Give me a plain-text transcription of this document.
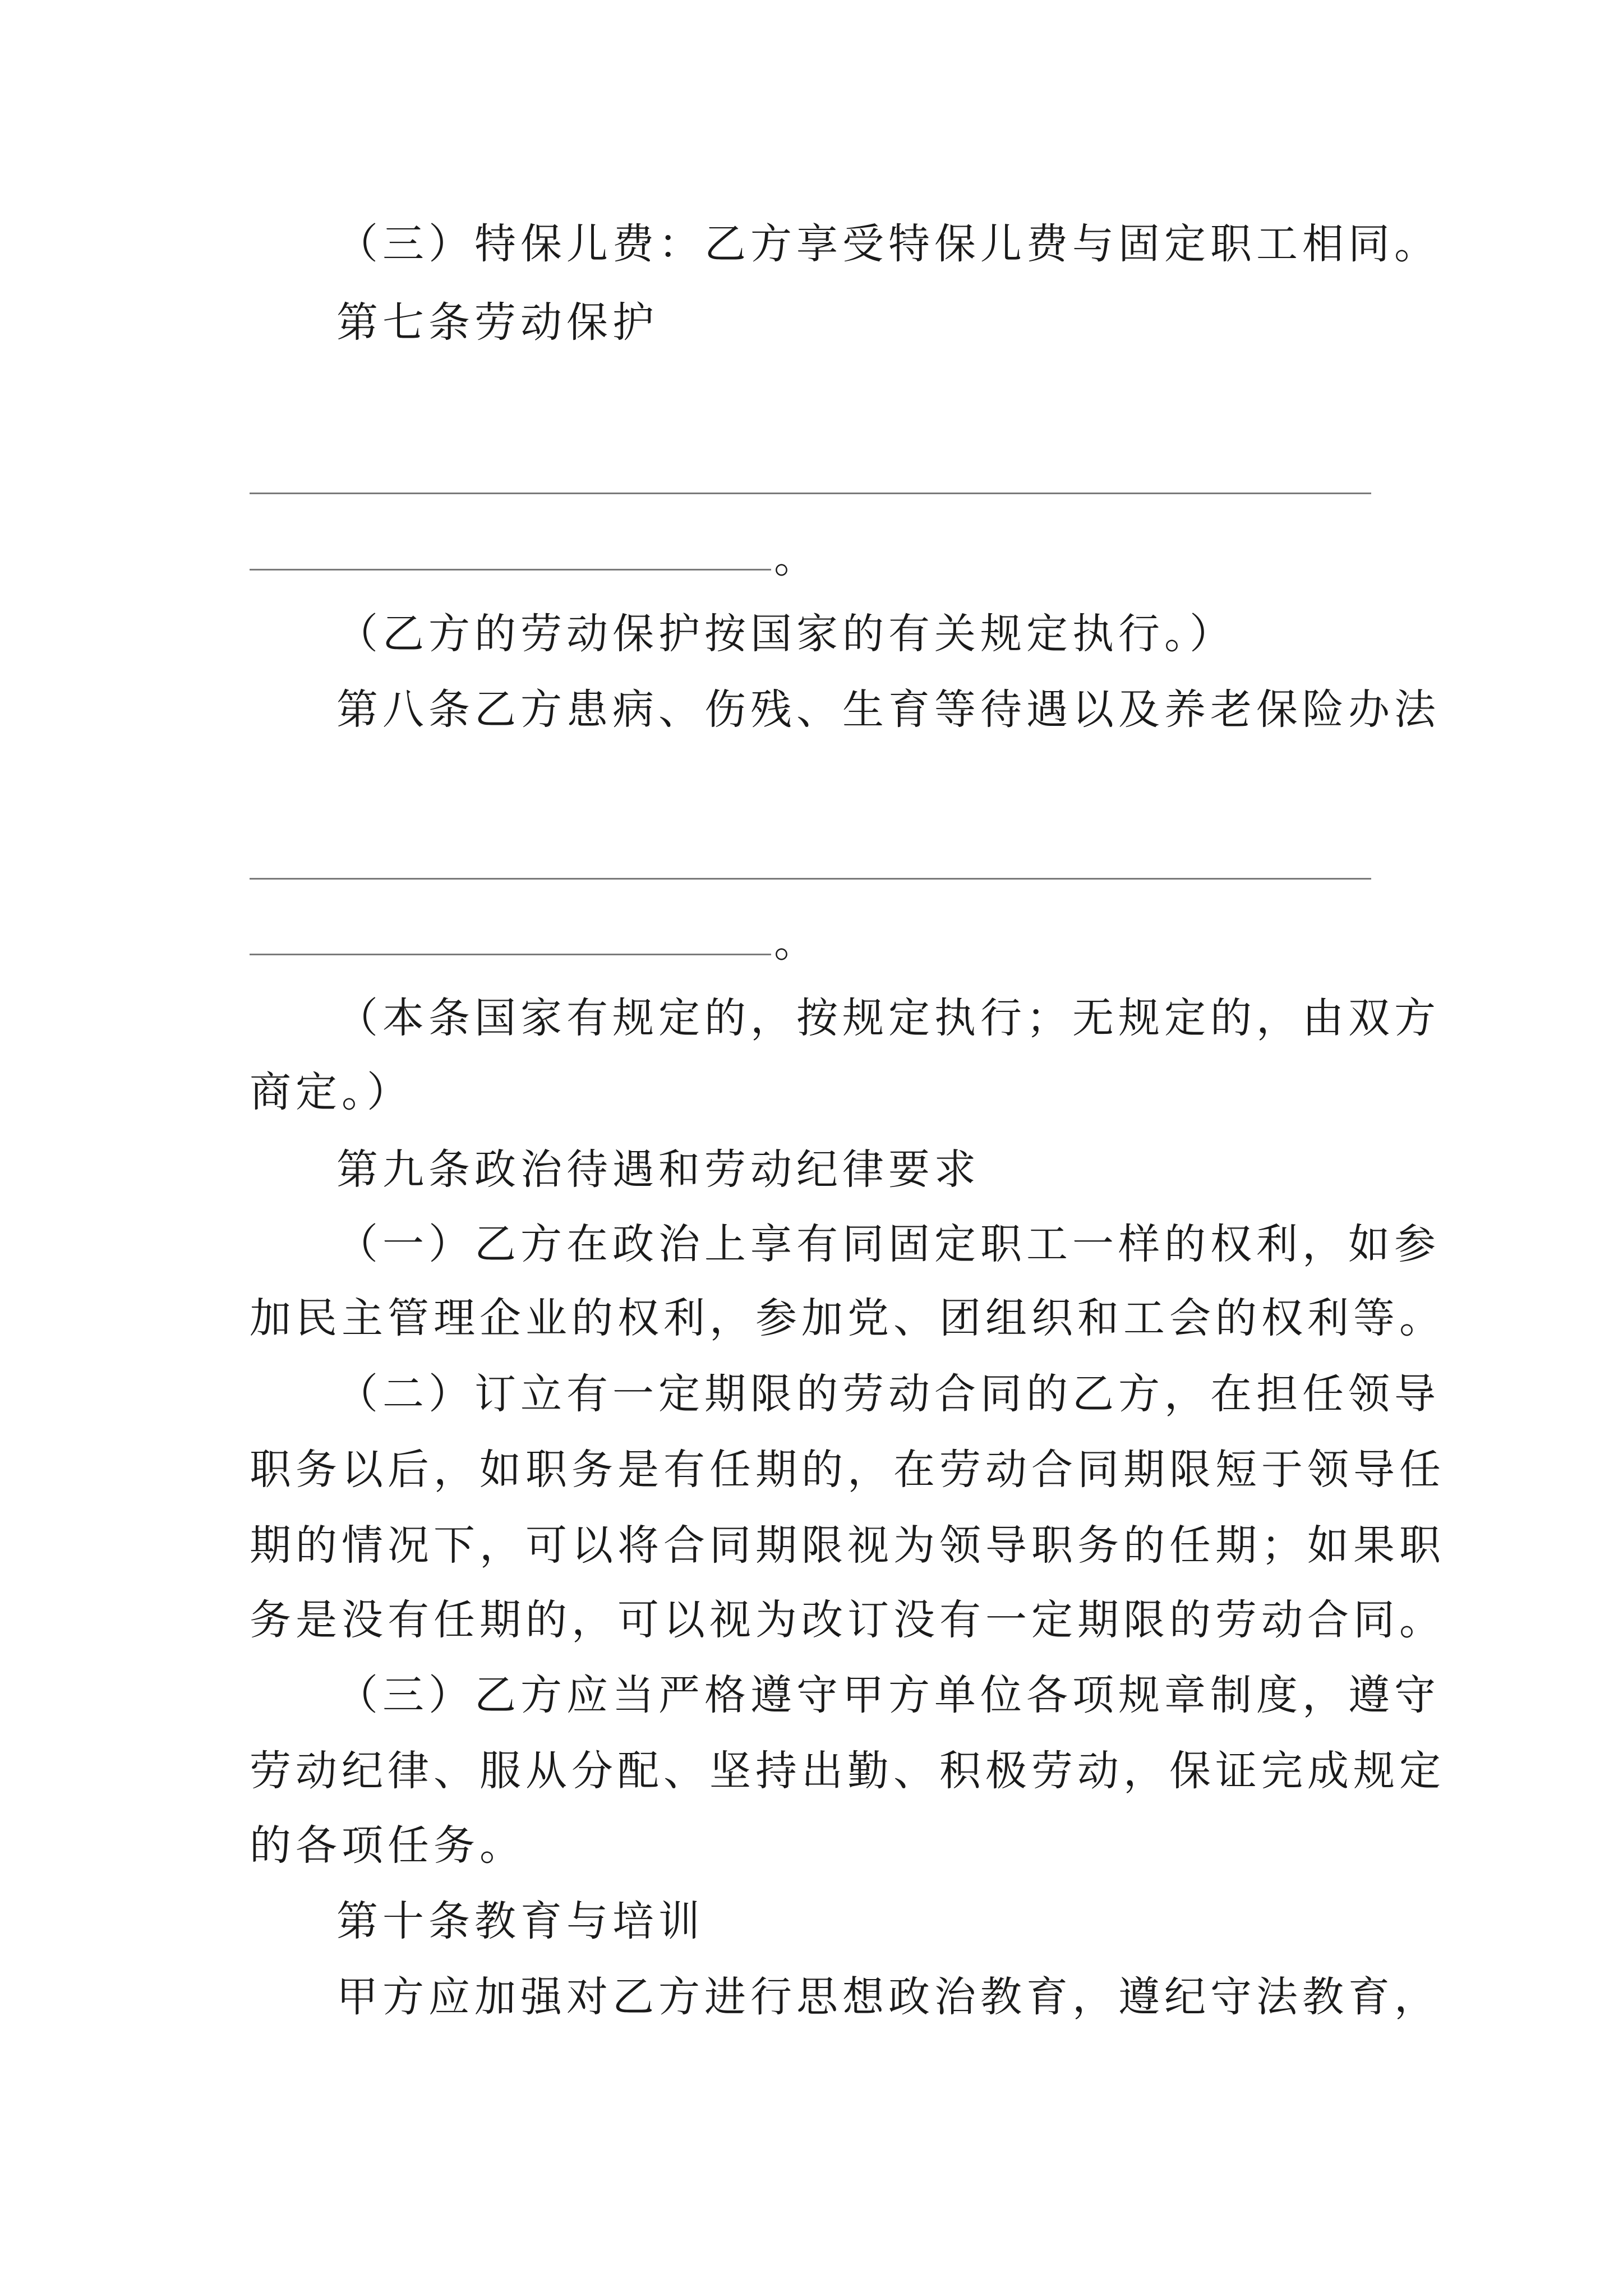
（三）特保儿费：乙方享受特保儿费与固定职工相同。
第七条劳动保护
。
（乙方的劳动保护按国家的有关规定执行。）
第八条乙方患病、伤残、生育等待遇以及养老保险办法
。
（本条国家有规定的，按规定执行；无规定的，由双方
商定。）
第九条政治待遇和劳动纪律要求
（一）乙方在政治上享有同固定职工一样的权利，如参
加民主管理企业的权利，参加党、团组织和工会的权利等。
（二）订立有一定期限的劳动合同的乙方，在担任领导
职务以后，如职务是有任期的，在劳动合同期限短于领导任
期的情况下，可以将合同期限视为领导职务的任期；如果职
务是没有任期的，可以视为改订没有一定期限的劳动合同。
（三）乙方应当严格遵守甲方单位各项规章制度，遵守
劳动纪律、服从分配、坚持出勤、积极劳动，保证完成规定
的各项任务。
第十条教育与培训
甲方应加强对乙方进行思想政治教育，遵纪守法教育，
